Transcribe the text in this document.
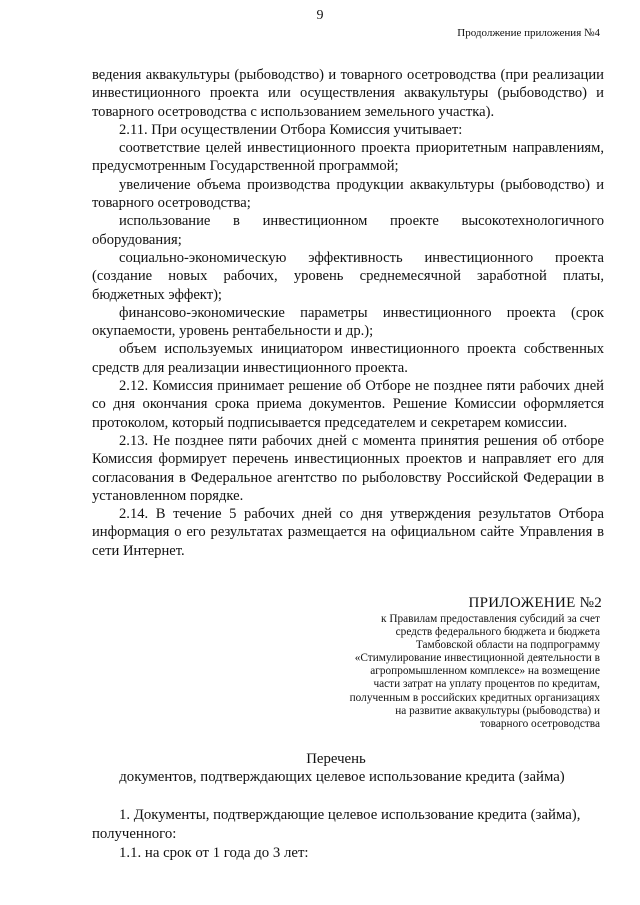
9
Продолжение приложения №4

ведения аквакультуры (рыбоводство) и товарного осетроводства (при реализации инвестиционного проекта или осуществления аквакультуры (рыбоводство) и товарного осетроводства с использованием земельного участка).

2.11. При осуществлении Отбора Комиссия учитывает:

соответствие целей инвестиционного проекта приоритетным направлениям, предусмотренным Государственной программой;

увеличение объема производства продукции аквакультуры (рыбоводство) и товарного осетроводства;

использование в инвестиционном проекте высокотехнологичного оборудования;

социально-экономическую эффективность инвестиционного проекта (создание новых рабочих, уровень среднемесячной заработной платы, бюджетных эффект);

финансово-экономические параметры инвестиционного проекта (срок окупаемости, уровень рентабельности и др.);

объем используемых инициатором инвестиционного проекта собственных средств для реализации инвестиционного проекта.

2.12. Комиссия принимает решение об Отборе не позднее пяти рабочих дней со дня окончания срока приема документов. Решение Комиссии оформляется протоколом, который подписывается председателем и секретарем комиссии.

2.13. Не позднее пяти рабочих дней с момента принятия решения об отборе Комиссия формирует перечень инвестиционных проектов и направляет его для согласования в Федеральное агентство по рыболовству Российской Федерации в установленном порядке.

2.14. В течение 5 рабочих дней со дня утверждения результатов Отбора информация о его результатах размещается на официальном сайте Управления в сети Интернет.

ПРИЛОЖЕНИЕ №2
к Правилам предоставления субсидий за счет
средств федерального бюджета и бюджета
Тамбовской области на подпрограмму
«Стимулирование инвестиционной деятельности в
агропромышленном комплексе» на возмещение
части затрат на уплату процентов по кредитам,
полученным в российских кредитных организациях
на развитие аквакультуры (рыбоводства) и
товарного осетроводства
Перечень
документов, подтверждающих целевое использование кредита (займа)

1. Документы, подтверждающие целевое использование кредита (займа), полученного:

1.1. на срок от 1 года до 3 лет:
